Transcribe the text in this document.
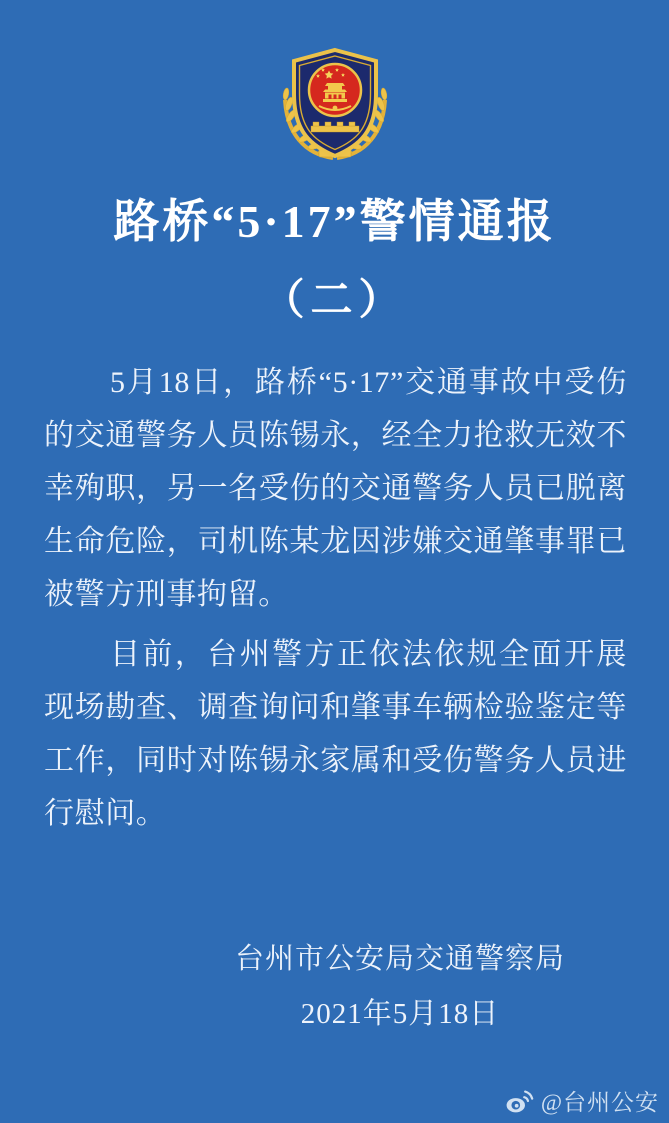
路桥“5·17”警情通报
（二）

5月18日，路桥“5·17”交通事故中受伤的交通警务人员陈锡永，经全力抢救无效不幸殉职，另一名受伤的交通警务人员已脱离生命危险，司机陈某龙因涉嫌交通肇事罪已被警方刑事拘留。

目前，台州警方正依法依规全面开展现场勘查、调查询问和肇事车辆检验鉴定等工作，同时对陈锡永家属和受伤警务人员进行慰问。

台州市公安局交通警察局
2021年5月18日
@台州公安
